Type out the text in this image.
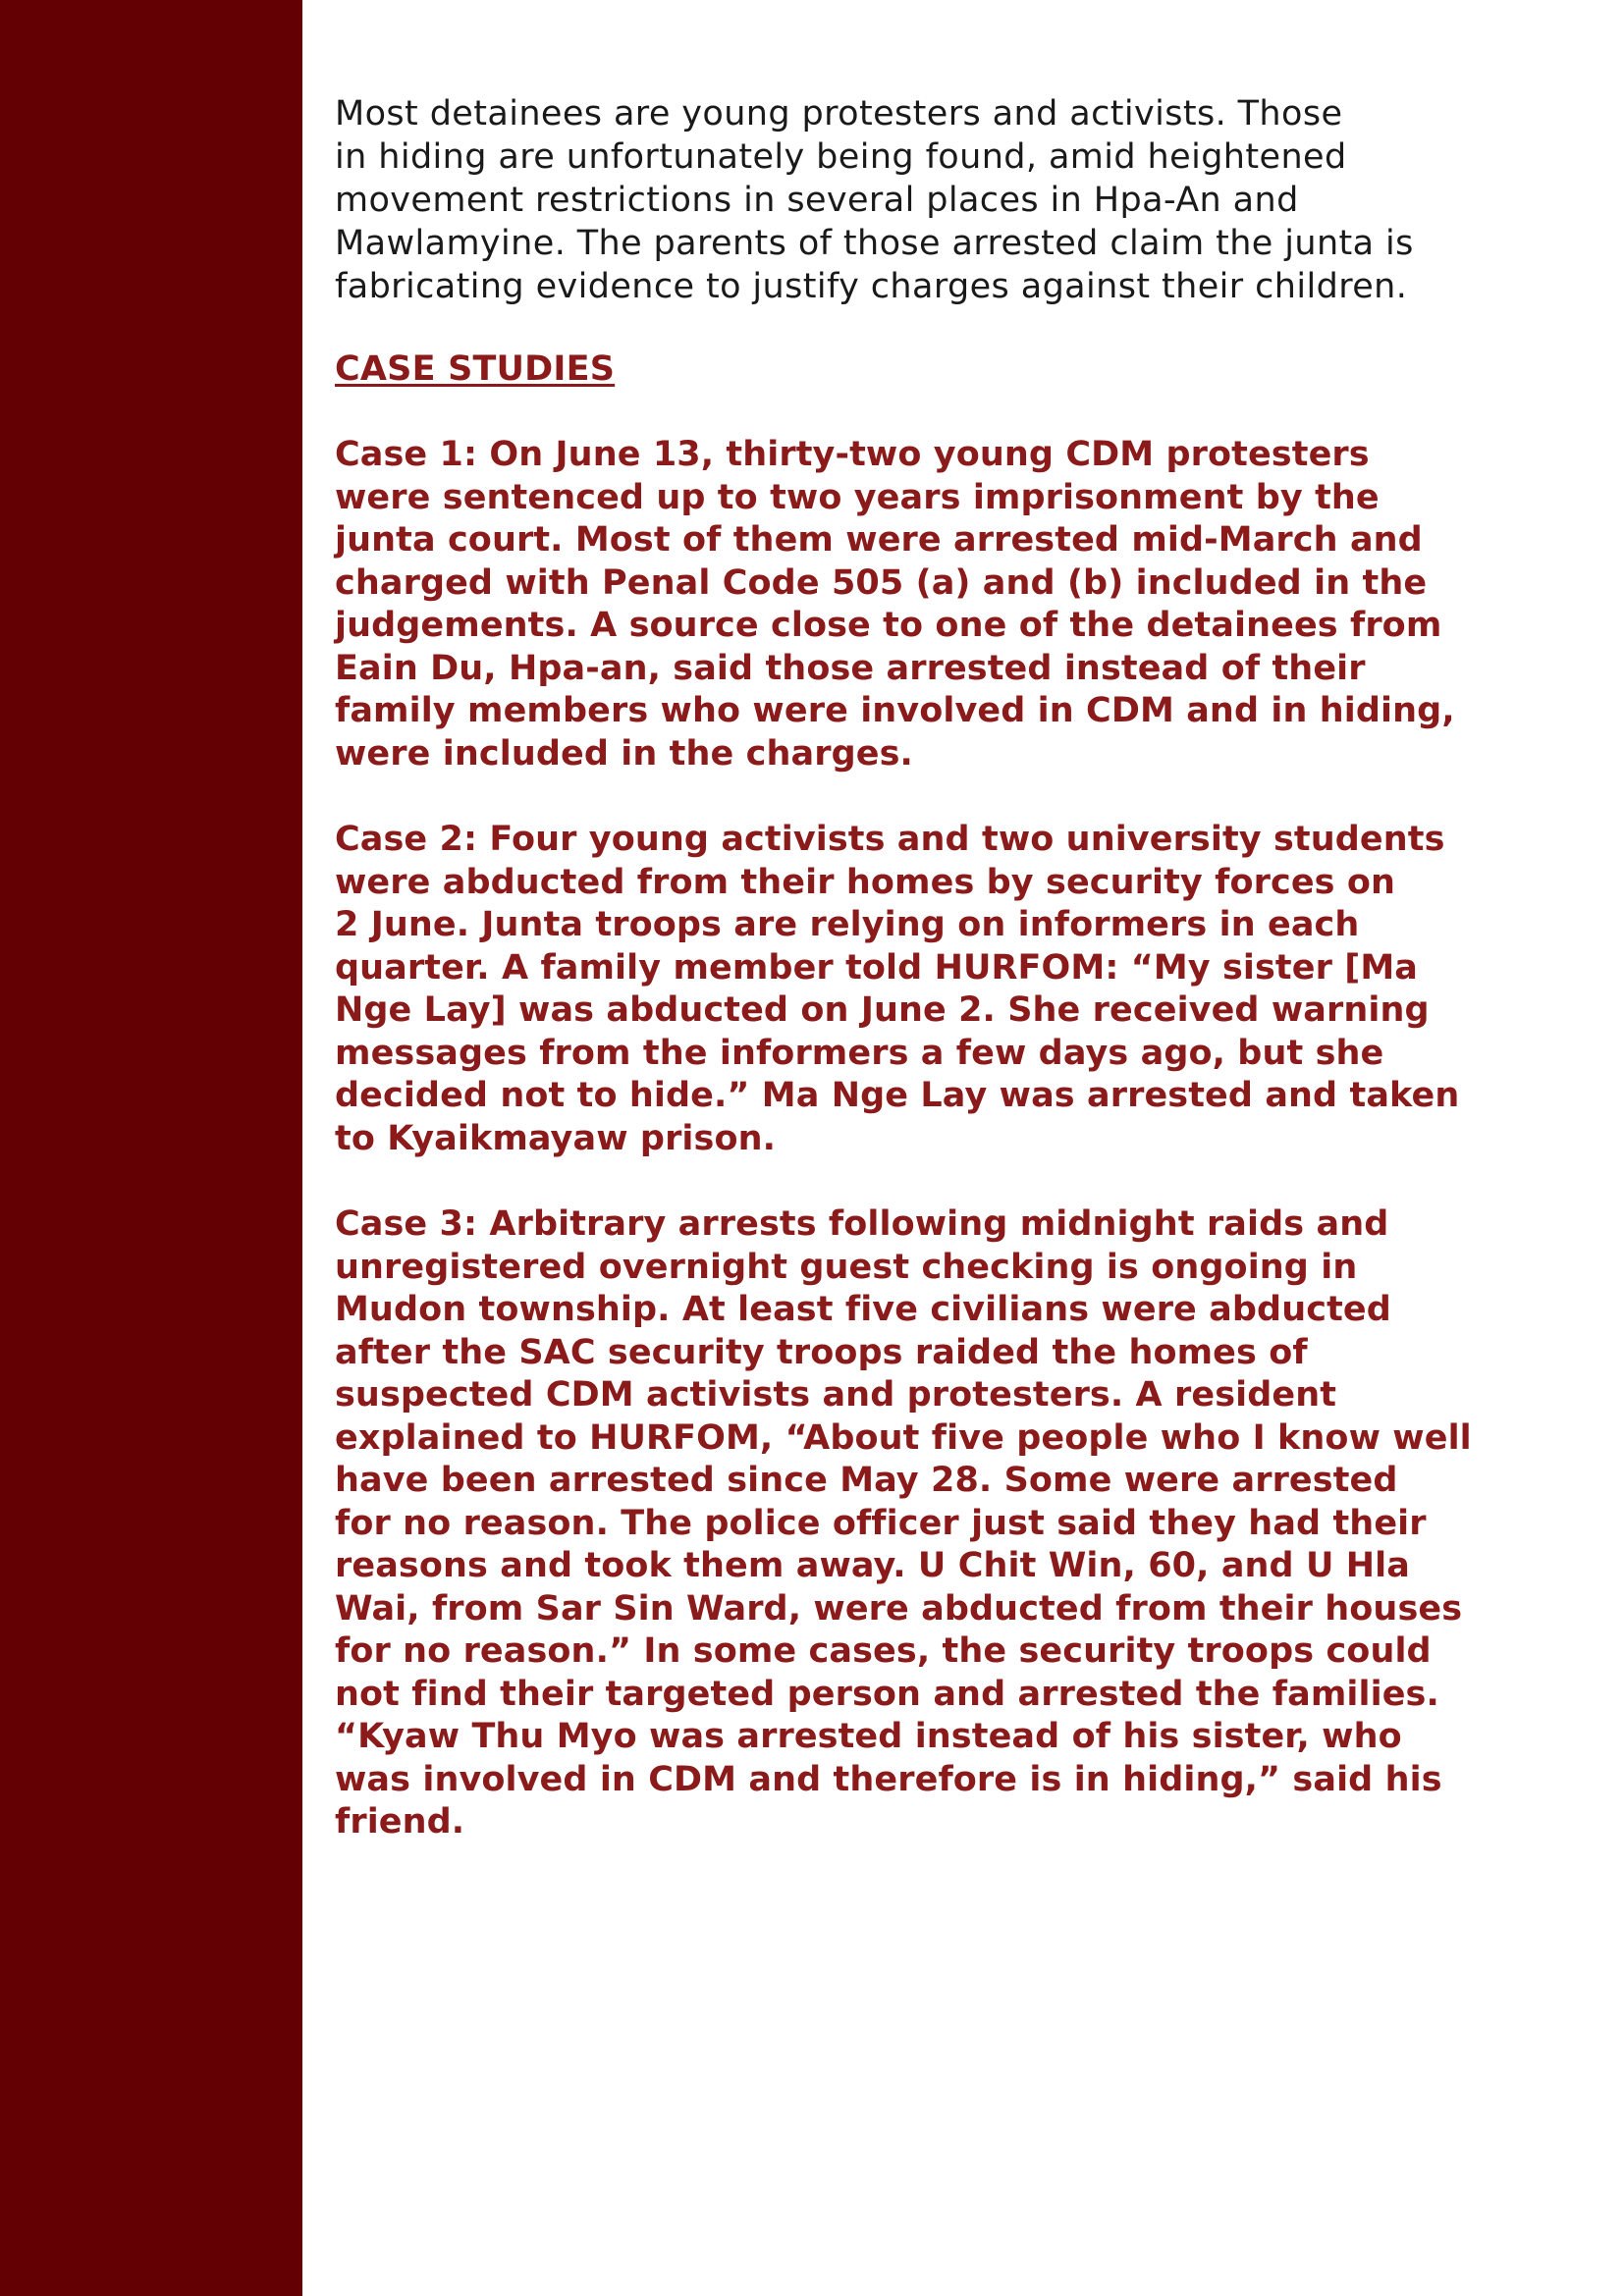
Most detainees are young protesters and activists. Those
in hiding are unfortunately being found, amid heightened
movement restrictions in several places in Hpa-An and
Mawlamyine. The parents of those arrested claim the junta is
fabricating evidence to justify charges against their children.

CASE STUDIES

Case 1: On June 13, thirty-two young CDM protesters
were sentenced up to two years imprisonment by the
junta court. Most of them were arrested mid-March and
charged with Penal Code 505 (a) and (b) included in the
judgements. A source close to one of the detainees from
Eain Du, Hpa-an, said those arrested instead of their
family members who were involved in CDM and in hiding,
were included in the charges.

Case 2: Four young activists and two university students
were abducted from their homes by security forces on
2 June. Junta troops are relying on informers in each
quarter. A family member told HURFOM: “My sister [Ma
Nge Lay] was abducted on June 2. She received warning
messages from the informers a few days ago, but she
decided not to hide.” Ma Nge Lay was arrested and taken
to Kyaikmayaw prison.

Case 3: Arbitrary arrests following midnight raids and
unregistered overnight guest checking is ongoing in
Mudon township. At least five civilians were abducted
after the SAC security troops raided the homes of
suspected CDM activists and protesters. A resident
explained to HURFOM, “About five people who I know well
have been arrested since May 28. Some were arrested
for no reason. The police officer just said they had their
reasons and took them away. U Chit Win, 60, and U Hla
Wai, from Sar Sin Ward, were abducted from their houses
for no reason.” In some cases, the security troops could
not find their targeted person and arrested the families.
“Kyaw Thu Myo was arrested instead of his sister, who
was involved in CDM and therefore is in hiding,” said his
friend.
